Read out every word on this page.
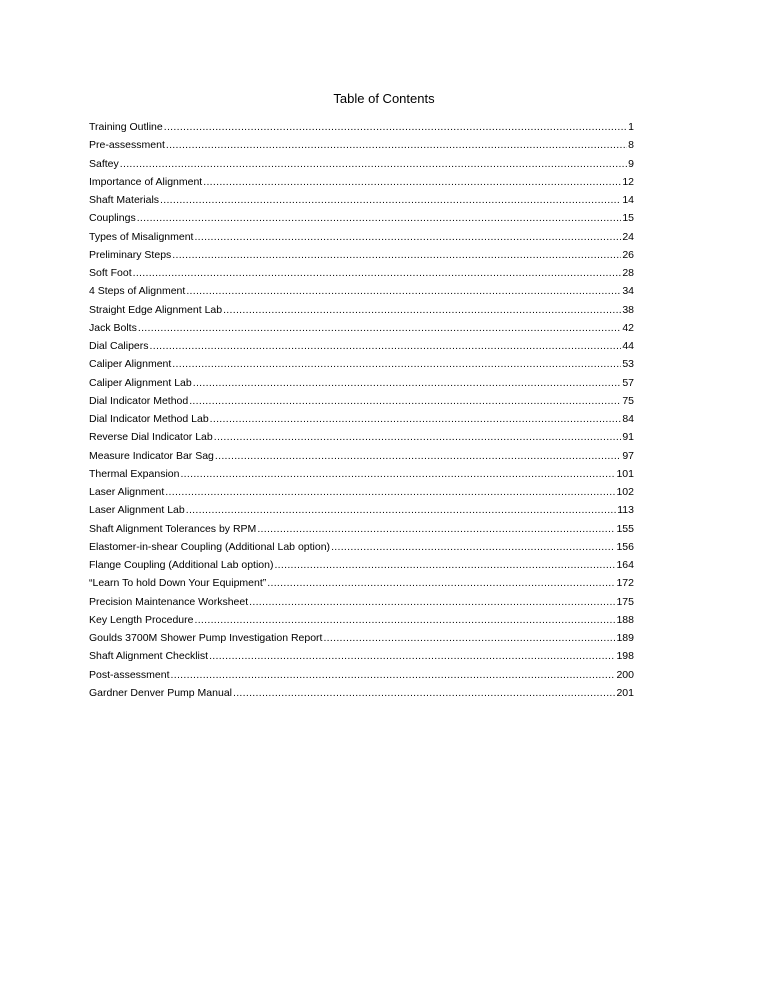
Table of Contents
Training Outline .....	1
Pre-assessment .....	8
Saftey .....	9
Importance of Alignment .....	12
Shaft Materials .....	14
Couplings .....	15
Types of Misalignment .....	24
Preliminary Steps .....	26
Soft Foot .....	28
4 Steps of Alignment .....	34
Straight Edge Alignment Lab .....	38
Jack Bolts .....	42
Dial Calipers .....	44
Caliper Alignment .....	53
Caliper Alignment Lab .....	57
Dial Indicator Method .....	75
Dial Indicator Method Lab .....	84
Reverse Dial Indicator Lab .....	91
Measure Indicator Bar Sag .....	97
Thermal Expansion .....	101
Laser Alignment .....	102
Laser Alignment Lab .....	113
Shaft Alignment Tolerances by RPM .....	155
Elastomer-in-shear Coupling (Additional Lab option) .....	156
Flange Coupling (Additional Lab option) .....	164
“Learn To hold Down Your Equipment” .....	172
Precision Maintenance Worksheet .....	175
Key Length Procedure .....	188
Goulds 3700M Shower Pump Investigation Report .....	189
Shaft Alignment Checklist .....	198
Post-assessment .....	200
Gardner Denver Pump Manual .....	201
